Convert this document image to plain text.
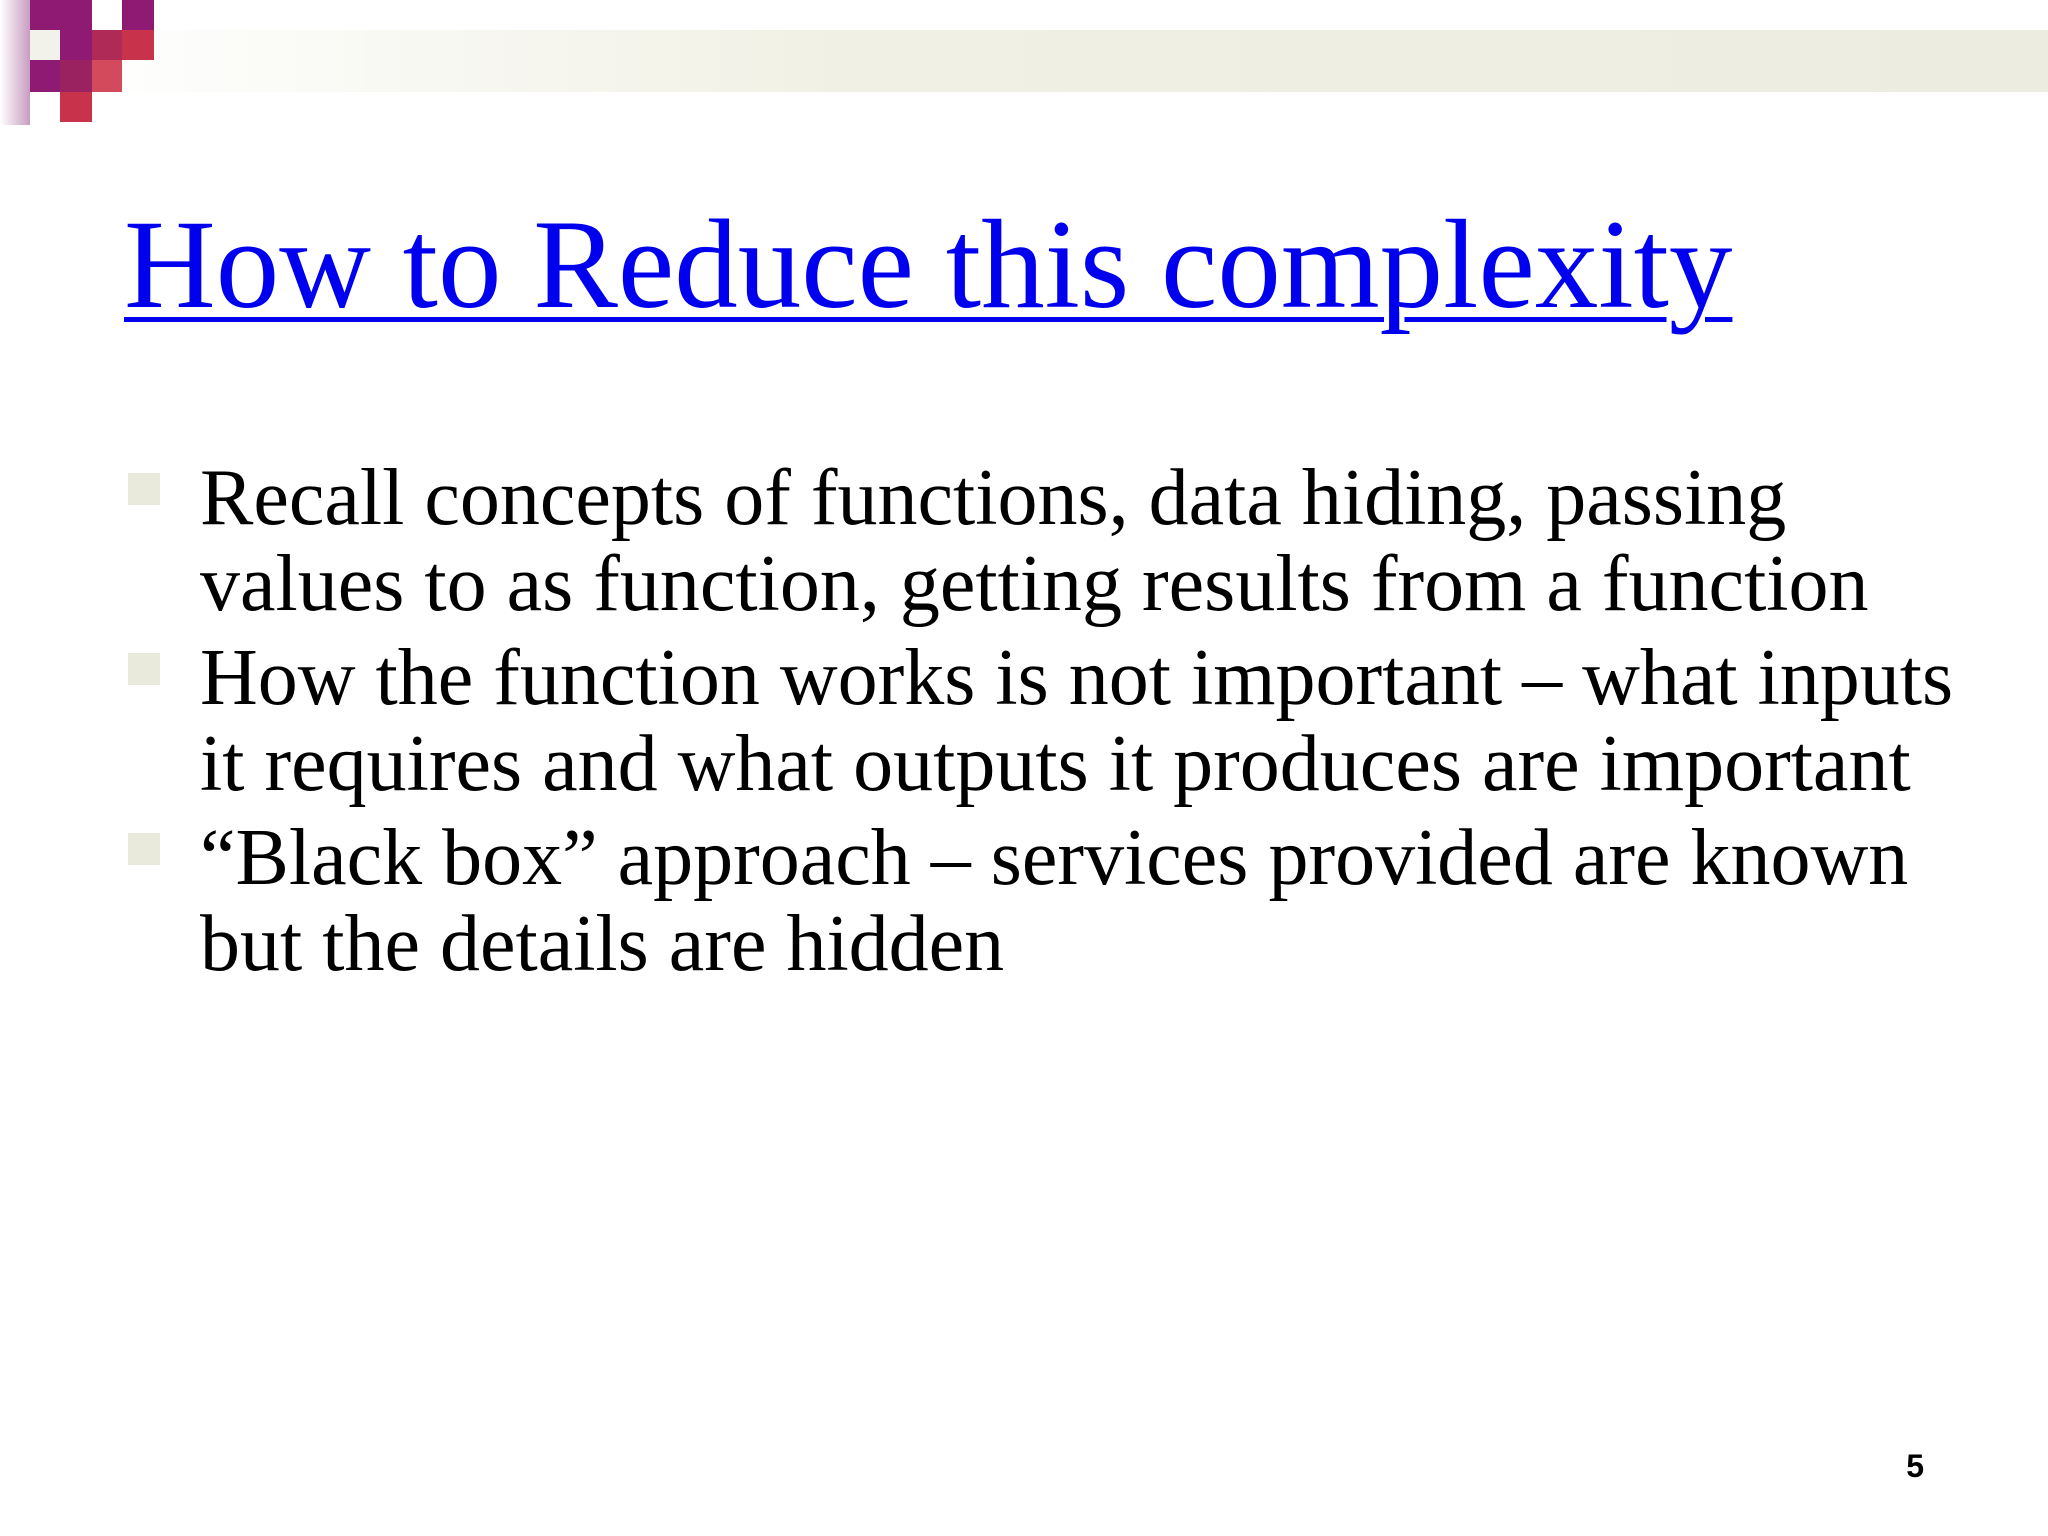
How to Reduce this complexity
Recall concepts of functions, data hiding, passing values to as function, getting results from a function
How the function works is not important – what inputs it requires and what outputs it produces are important
“Black box” approach – services provided are known but the details are hidden
5
